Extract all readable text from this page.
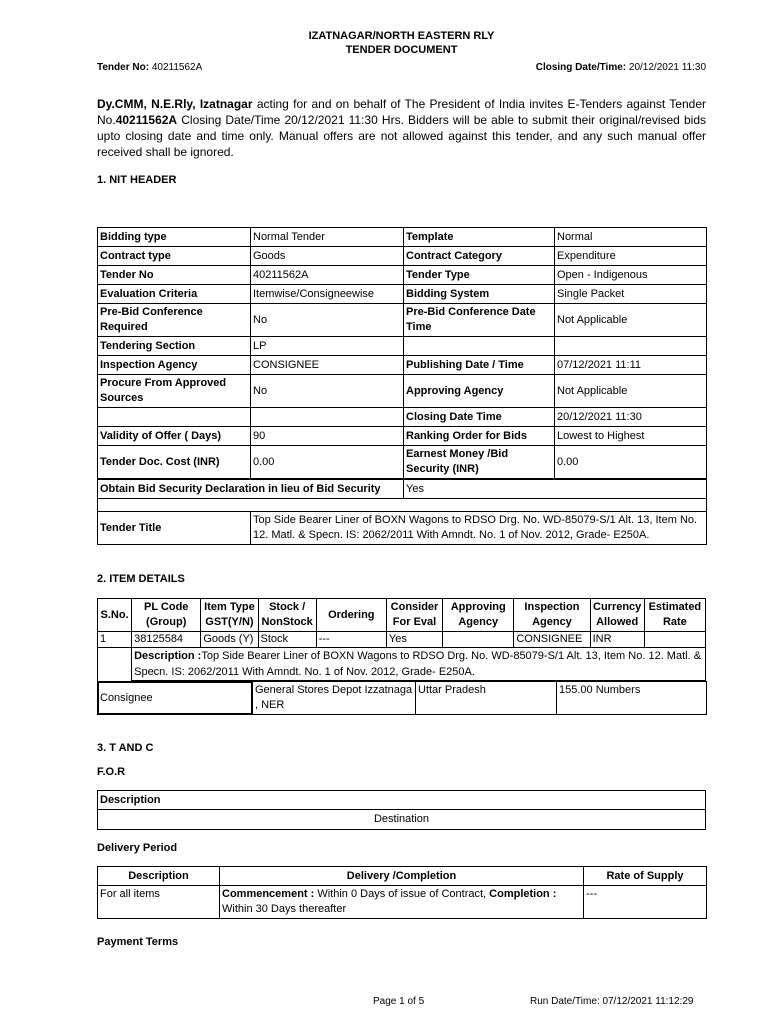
IZATNAGAR/NORTH EASTERN RLY
TENDER DOCUMENT
Tender No: 40211562A	Closing Date/Time: 20/12/2021 11:30
Dy.CMM, N.E.Rly, Izatnagar acting for and on behalf of The President of India invites E-Tenders against Tender No.40211562A Closing Date/Time 20/12/2021 11:30 Hrs. Bidders will be able to submit their original/revised bids upto closing date and time only. Manual offers are not allowed against this tender, and any such manual offer received shall be ignored.
1. NIT HEADER
Bidding type	Normal Tender	Template	Normal
Contract type	Goods	Contract Category	Expenditure
Tender No	40211562A	Tender Type	Open - Indigenous
Evaluation Criteria	Itemwise/Consigneewise	Bidding System	Single Packet
Pre-Bid Conference Required	No	Pre-Bid Conference Date Time	Not Applicable
Tendering Section	LP		
Inspection Agency	CONSIGNEE	Publishing Date / Time	07/12/2021 11:11
Procure From Approved Sources	No	Approving Agency	Not Applicable
		Closing Date Time	20/12/2021 11:30
Validity of Offer ( Days)	90	Ranking Order for Bids	Lowest to Highest
Tender Doc. Cost (INR)	0.00	Earnest Money /Bid Security (INR)	0.00
Obtain Bid Security Declaration in lieu of Bid Security		Yes

Tender Title	Top Side Bearer Liner of BOXN Wagons to RDSO Drg. No. WD-85079-S/1 Alt. 13, Item No. 12. Matl. & Specn. IS: 2062/2011 With Amndt. No. 1 of Nov. 2012, Grade- E250A.	
2. ITEM DETAILS
S.No.	PL Code (Group)	Item Type GST(Y/N)	Stock / NonStock	Ordering	Consider For Eval	Approving Agency	Inspection Agency	Currency Allowed	Estimated Rate
1	38125584	Goods (Y)	Stock	---	Yes		CONSIGNEE	INR	
	Description :Top Side Bearer Liner of BOXN Wagons to RDSO Drg. No. WD-85079-S/1 Alt. 13, Item No. 12. Matl. & Specn. IS: 2062/2011 With Amndt. No. 1 of Nov. 2012, Grade- E250A.								
Consignee	General Stores Depot Izzatnaga , NER	Uttar Pradesh	155.00 Numbers
3. T AND C
F.O.R
Description
Destination
Delivery Period
Description	Delivery /Completion	Rate of Supply
For all items	Commencement : Within 0 Days of issue of Contract, Completion : Within 30 Days thereafter	---
Payment Terms
Page 1 of 5	Run Date/Time: 07/12/2021 11:12:29
